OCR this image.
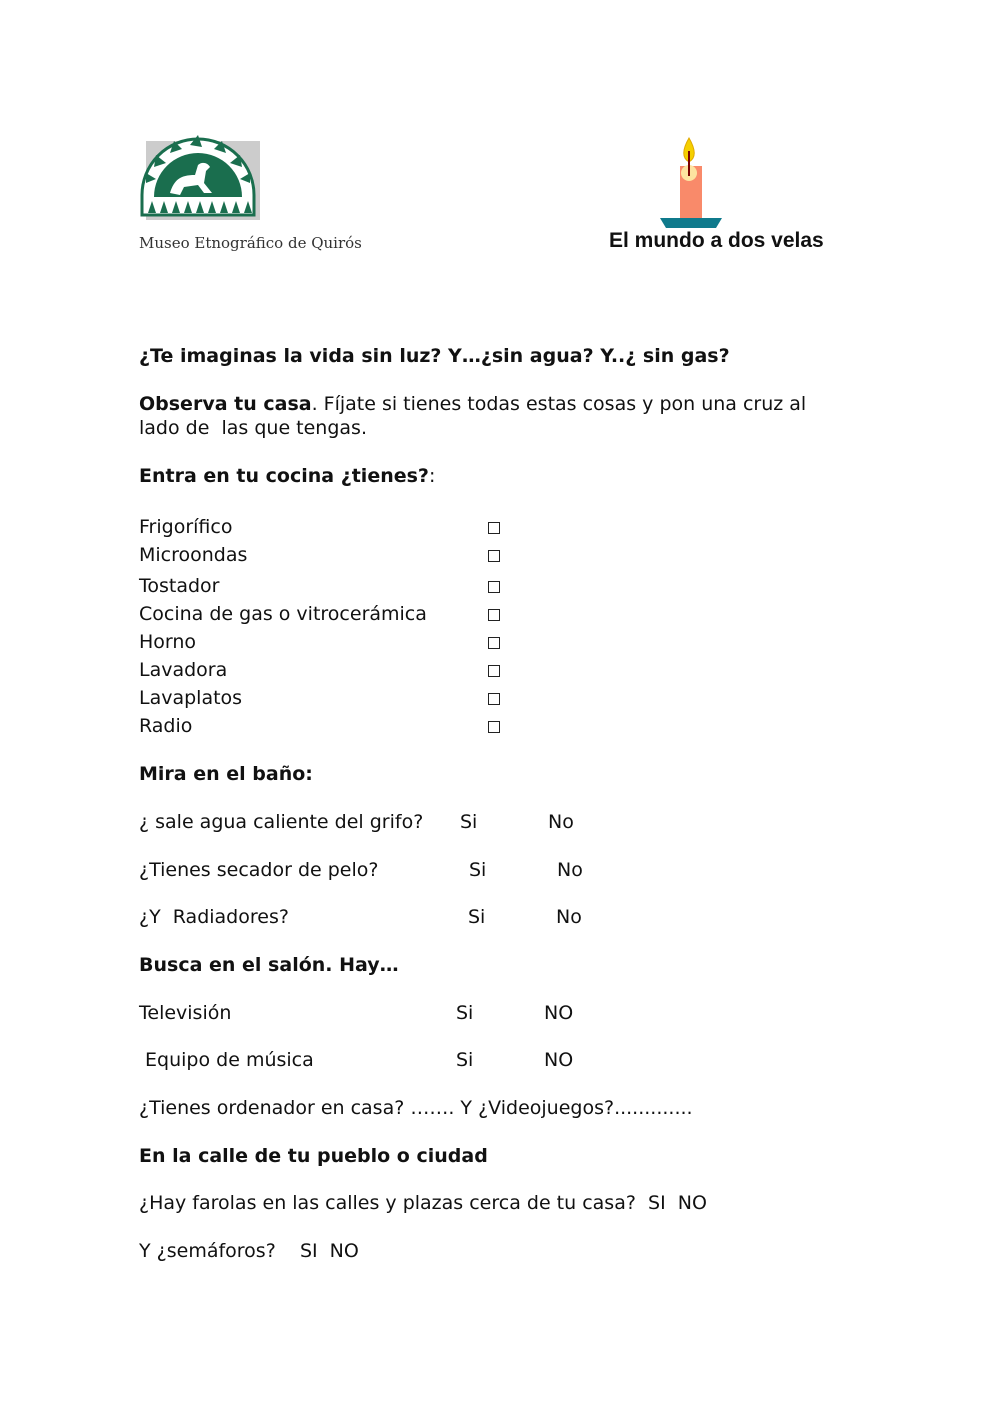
Museo Etnográfico de Quirós	El mundo a dos velas
¿Te imaginas la vida sin luz? Y…¿sin agua? Y..¿ sin gas?
Observa tu casa. Fíjate si tienes todas estas cosas y pon una cruz al
lado de  las que tengas.
Entra en tu cocina ¿tienes?:
Frigorífico
Microondas
Tostador
Cocina de gas o vitrocerámica
Horno
Lavadora
Lavaplatos
Radio
Mira en el baño:
¿ sale agua caliente del grifo? Si	No
¿Tienes secador de pelo?	Si	No
¿Y  Radiadores?	Si	No
Busca en el salón. Hay…
Televisión	Si	NO
Equipo de música	Si	NO
¿Tienes ordenador en casa? ……. Y ¿Videojuegos?.............
En la calle de tu pueblo o ciudad
¿Hay farolas en las calles y plazas cerca de tu casa?  SI  NO
Y ¿semáforos?    SI  NO
